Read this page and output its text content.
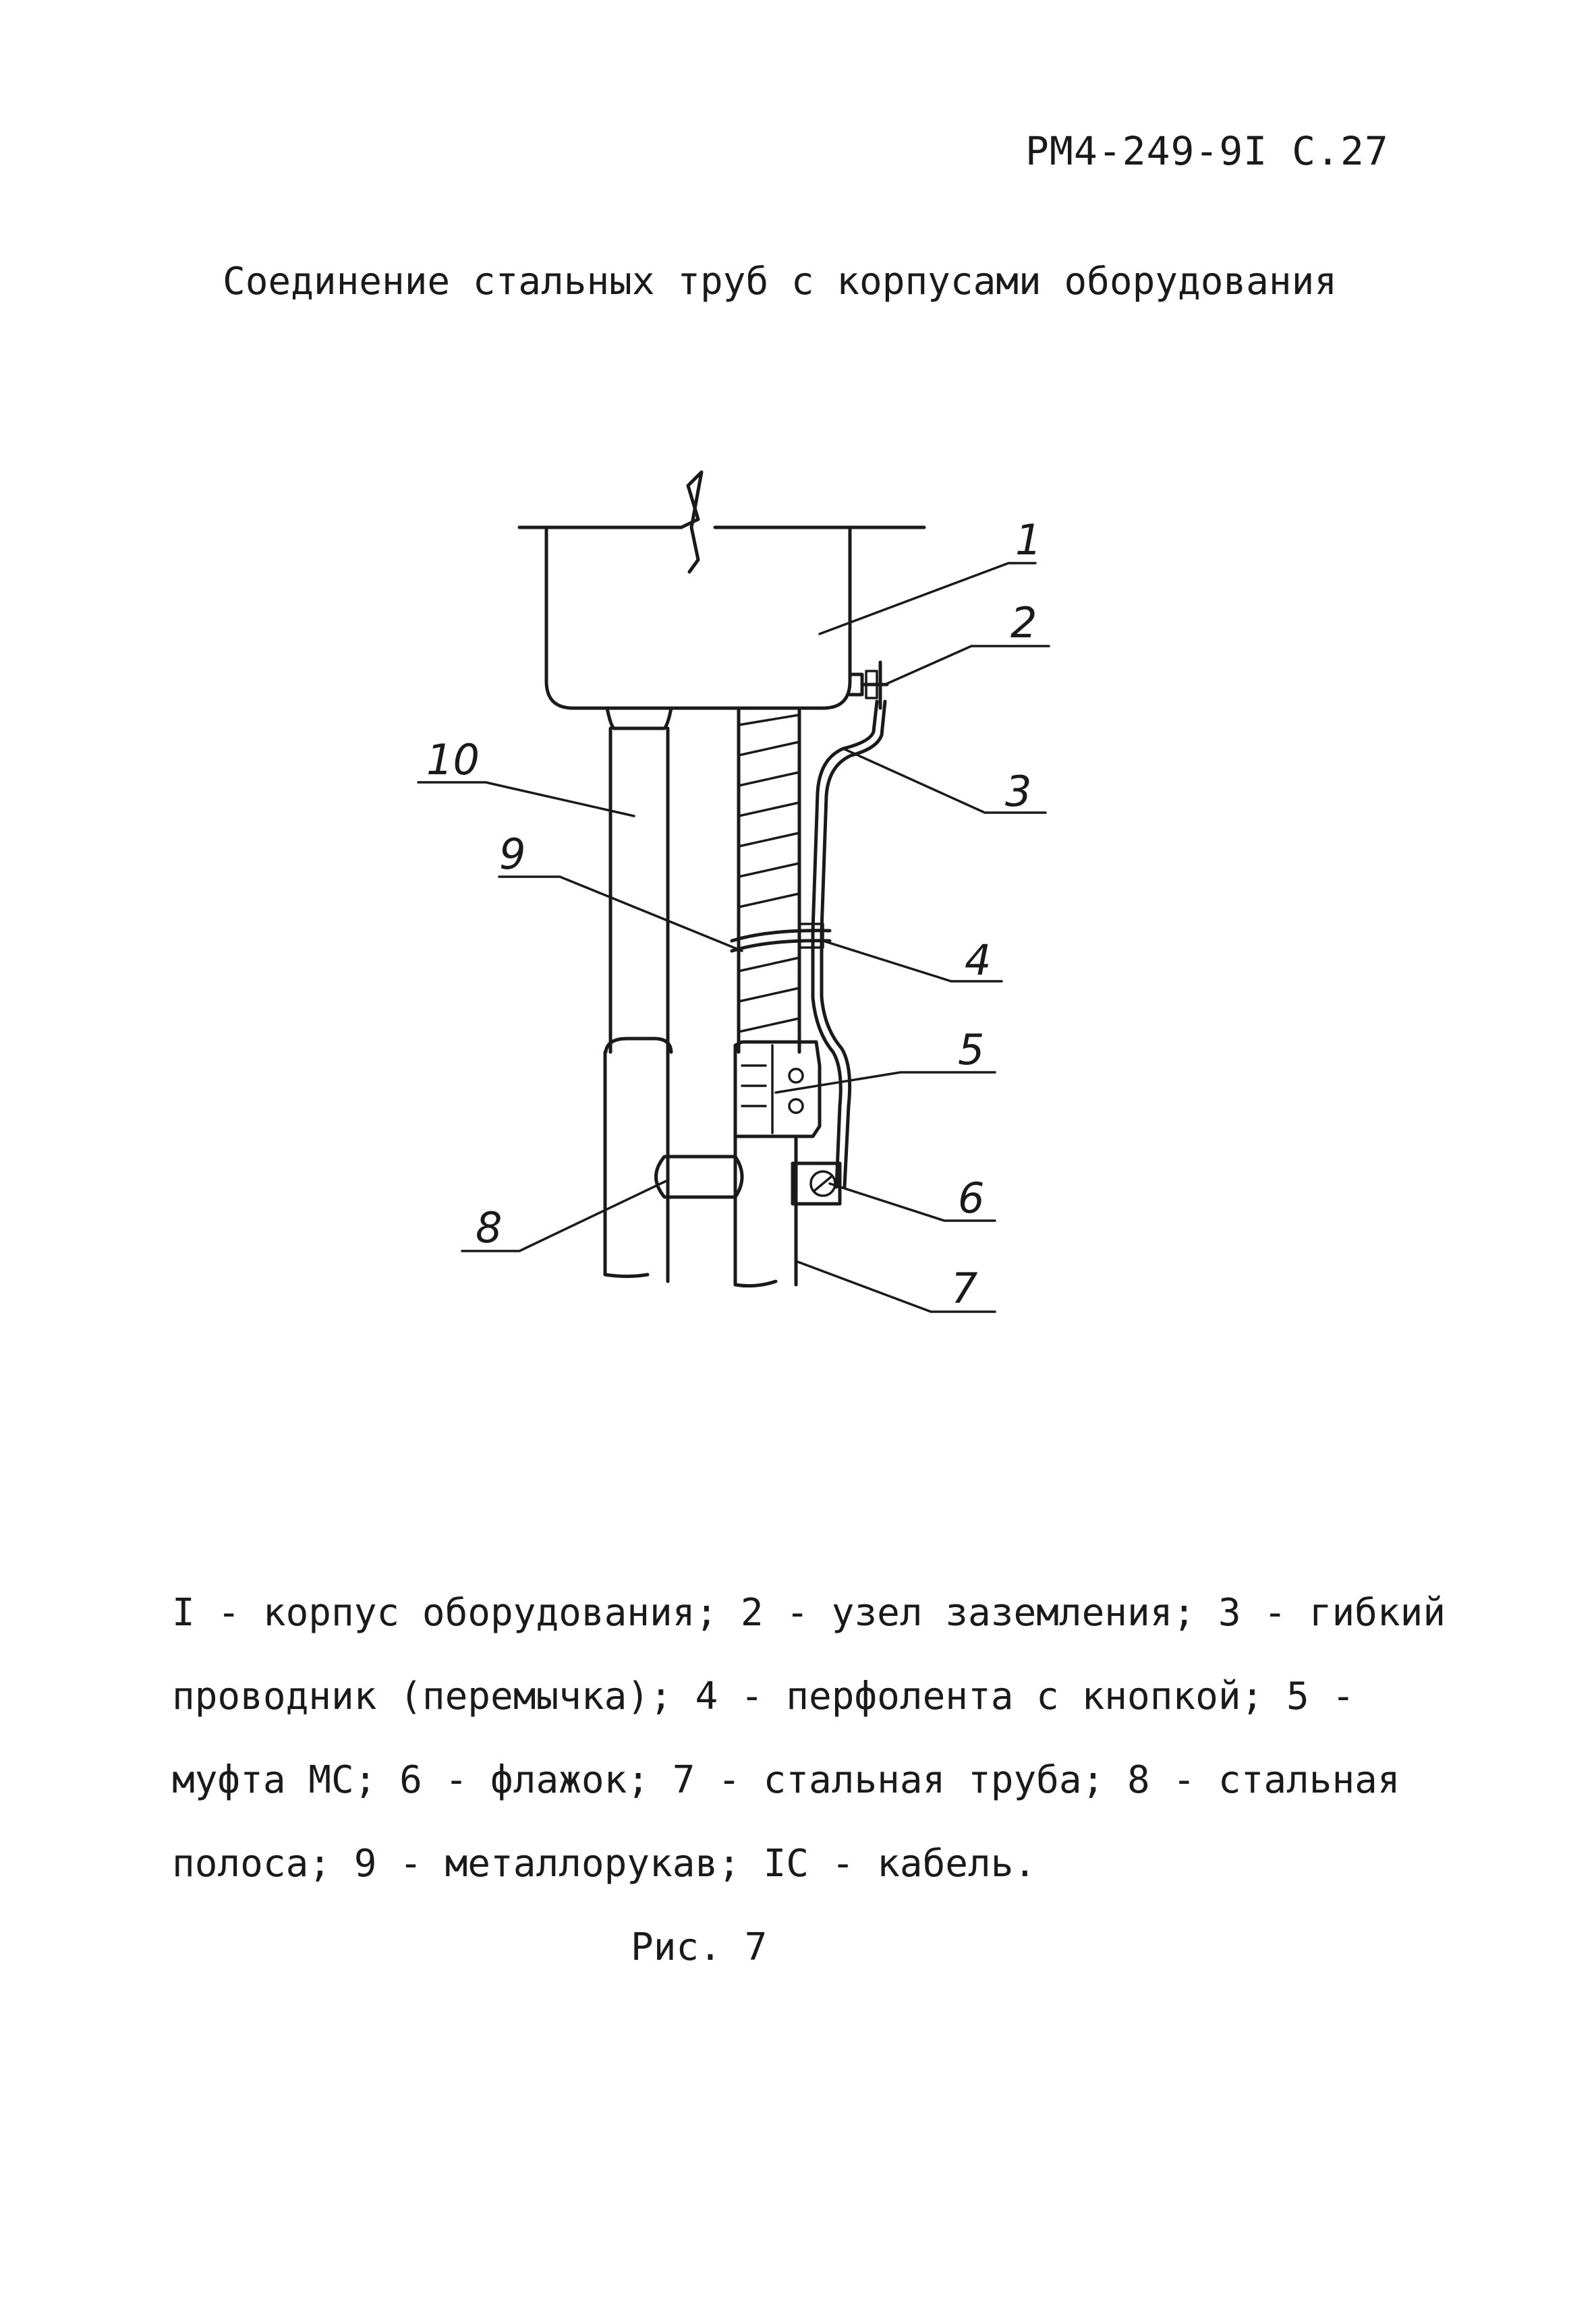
РМ4-249-9I С.27
Соединение стальных труб с корпусами оборудования
1
2
3
4
5
6
7
8
9
10
I - корпус оборудования; 2 - узел заземления; 3 - гибкий
проводник (перемычка); 4 - перфолента с кнопкой; 5 -
муфта МС; 6 - флажок; 7 - стальная труба; 8 - стальная
полоса; 9 - металлорукав; IС - кабель.
Рис. 7
